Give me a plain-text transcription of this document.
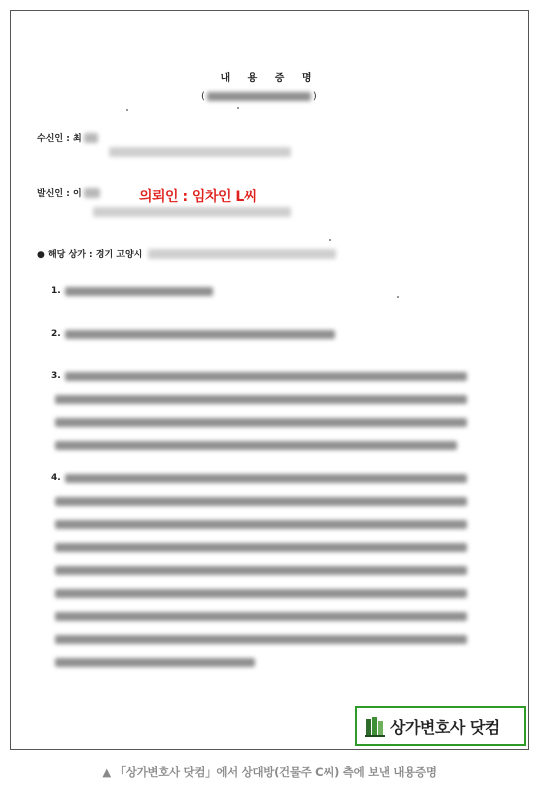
내 용 증 명
(	)
수신인 : 최
발신인 : 이	의뢰인 : 임차인 L씨
● 해당 상가 : 경기 고양시
1.
2.
3.
4.
상가변호사 닷컴
▲ 「상가변호사 닷컴」에서 상대방(건물주 C씨) 측에 보낸 내용증명
